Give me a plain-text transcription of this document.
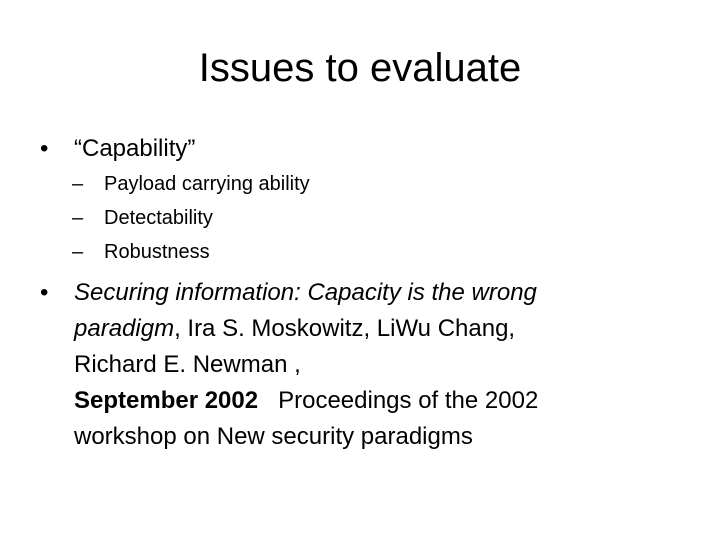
Issues to evaluate
• “Capability”
– Payload carrying ability
– Detectability
– Robustness
• Securing information: Capacity is the wrong
paradigm, Ira S. Moskowitz, LiWu Chang,
Richard E. Newman ,
September 2002   Proceedings of the 2002
workshop on New security paradigms
